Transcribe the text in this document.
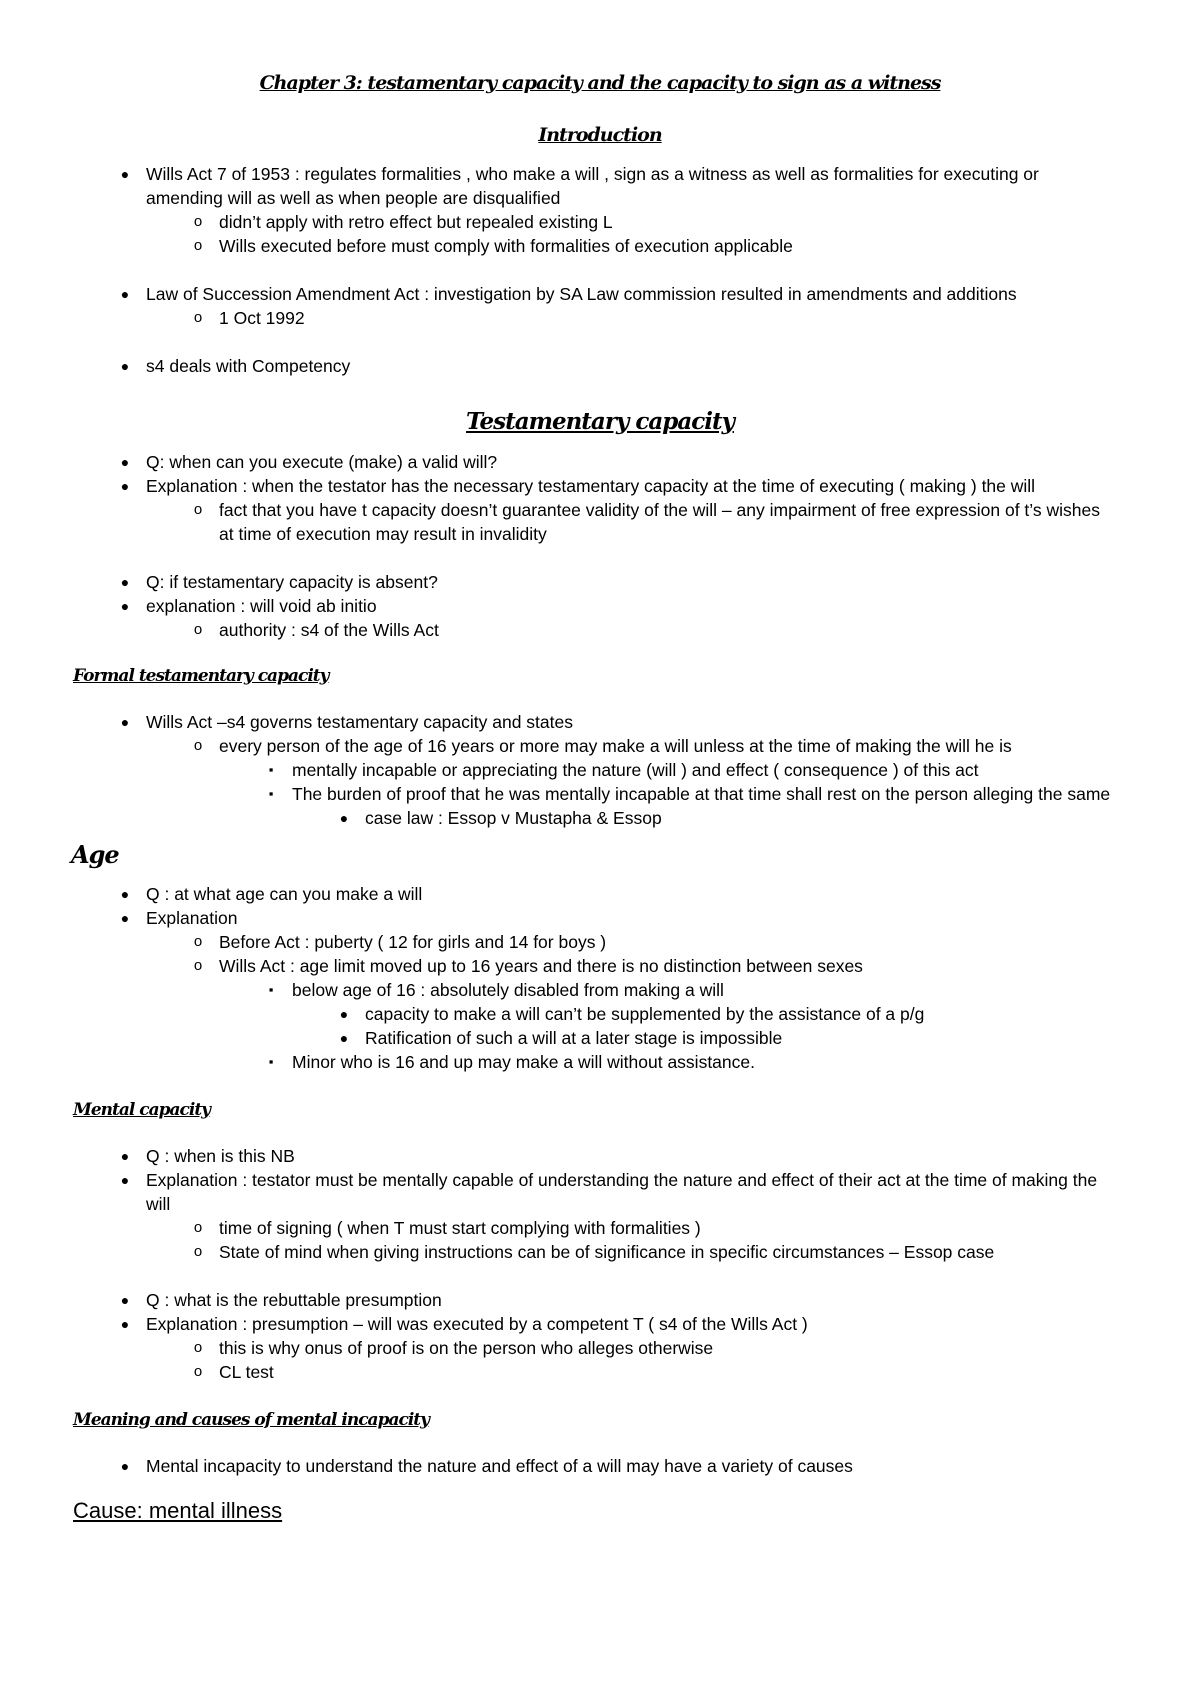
Chapter 3: testamentary capacity and the capacity to sign as a witness
Introduction
● Wills Act 7 of 1953 : regulates formalities , who make a will , sign as a witness as well as formalities for executing or amending will as well as when people are disqualified
o didn’t apply with retro effect but repealed existing L
o Wills executed before must comply with formalities of execution applicable
● Law of Succession Amendment Act : investigation by SA Law commission resulted in amendments and additions
o 1 Oct 1992
● s4 deals with Competency
Testamentary capacity
● Q: when can you execute (make) a valid will?
● Explanation : when the testator has the necessary testamentary capacity at the time of executing ( making ) the will
o fact that you have t capacity doesn’t guarantee validity of the will – any impairment of free expression of t’s wishes at time of execution may result in invalidity
● Q: if testamentary capacity is absent?
● explanation : will void ab initio
o authority : s4 of the Wills Act
Formal testamentary capacity
● Wills Act –s4 governs testamentary capacity and states
o every person of the age of 16 years or more may make a will unless at the time of making the will he is
▪	mentally incapable or appreciating the nature (will ) and effect ( consequence ) of this act
▪	The burden of proof that he was mentally incapable at that time shall rest on the person alleging the same
● case law : Essop v Mustapha & Essop
Age
● Q : at what age can you make a will
● Explanation
o Before Act : puberty ( 12 for girls and 14 for boys )
o Wills Act : age limit moved up to 16 years and there is no distinction between sexes
▪	below age of 16 : absolutely disabled from making a will
● capacity to make a will can’t be supplemented by the assistance of a p/g
● Ratification of such a will at a later stage is impossible
▪	Minor who is 16 and up may make a will without assistance.
Mental capacity
● Q : when is this NB
● Explanation : testator must be mentally capable of understanding the nature and effect of their act at the time of making the will
o time of signing ( when T must start complying with formalities )
o State of mind when giving instructions can be of significance in specific circumstances – Essop case
● Q : what is the rebuttable presumption
● Explanation : presumption – will was executed by a competent T ( s4 of the Wills Act )
o this is why onus of proof is on the person who alleges otherwise
o CL test
Meaning and causes of mental incapacity
● Mental incapacity to understand the nature and effect of a will may have a variety of causes
Cause: mental illness
